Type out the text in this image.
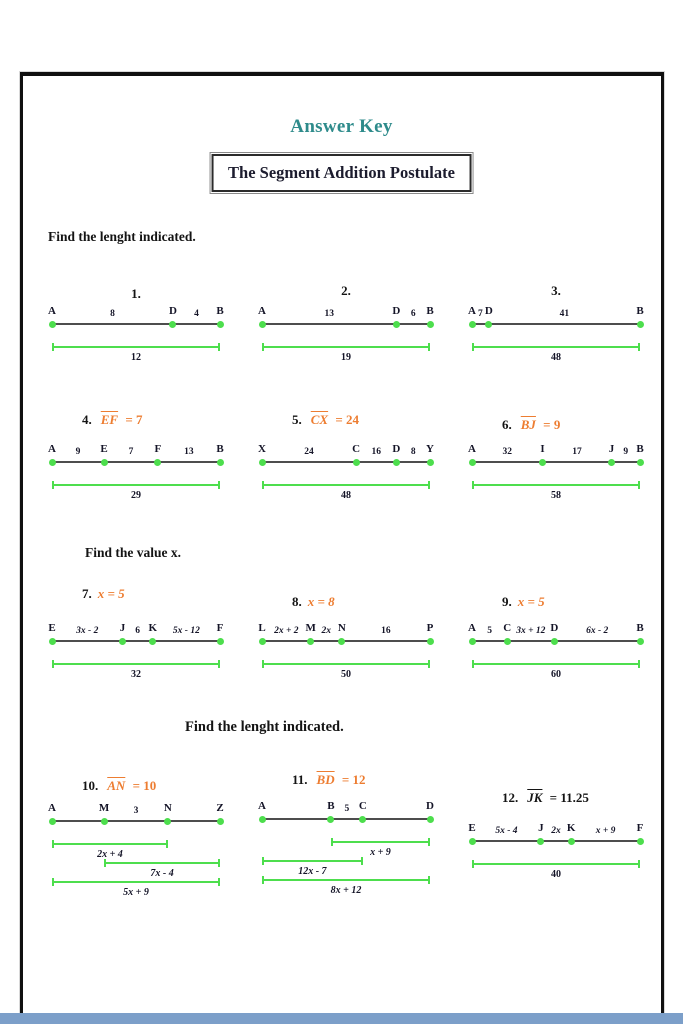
Answer Key
The Segment Addition Postulate
Find the lenght indicated.
Find the value x.
Find the lenght indicated.
1.
A	D	B
8	4
12
2.
A	D B
13	6
19
3.
A D	B
7	41
48
4. $\overline{EF} = 7$
A	E	F	B
9	7	13
29
5. $\overline{CX} = 24$
X	C	D Y
24	16	8
48
6. $\overline{BJ} = 9$
A	I	J B
32	17	9
58
7. x = 5
E	J K	F
3x - 2	6	5x - 12
32
8. x = 8
L	M N	P
2x + 2 2x	16
50
9. x = 5
A C	D	B
5	3x + 12	6x - 2
60
10. $\overline{AN} = 10$
A	M	N	Z
3
2x + 4
7x - 4
5x + 9
11. $\overline{BD} = 12$
A	B C	D
5
x + 9
12x - 7
8x + 12
12. $\overline{JK} = 11.25$
E	J K	F
5x - 4	2x	x + 9
40
